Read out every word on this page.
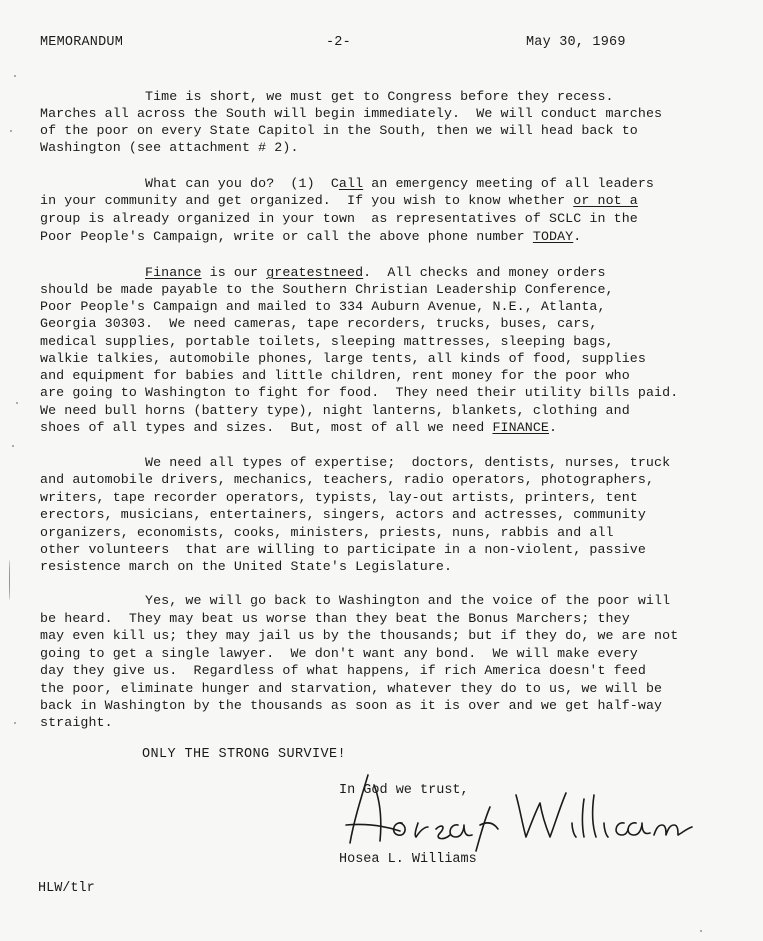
MEMORANDUM	-2-	May 30, 1969
Time is short, we must get to Congress before they recess.
Marches all across the South will begin immediately.  We will conduct marches
of the poor on every State Capitol in the South, then we will head back to
Washington (see attachment # 2).
What can you do?  (1)  Call an emergency meeting of all leaders
in your community and get organized.  If you wish to know whether or not a
group is already organized in your town  as representatives of SCLC in the
Poor People's Campaign, write or call the above phone number TODAY.
Finance is our greatestneed.  All checks and money orders
should be made payable to the Southern Christian Leadership Conference,
Poor People's Campaign and mailed to 334 Auburn Avenue, N.E., Atlanta,
Georgia 30303.  We need cameras, tape recorders, trucks, buses, cars,
medical supplies, portable toilets, sleeping mattresses, sleeping bags,
walkie talkies, automobile phones, large tents, all kinds of food, supplies
and equipment for babies and little children, rent money for the poor who
are going to Washington to fight for food.  They need their utility bills paid.
We need bull horns (battery type), night lanterns, blankets, clothing and
shoes of all types and sizes.  But, most of all we need FINANCE.
We need all types of expertise;  doctors, dentists, nurses, truck
and automobile drivers, mechanics, teachers, radio operators, photographers,
writers, tape recorder operators, typists, lay-out artists, printers, tent
erectors, musicians, entertainers, singers, actors and actresses, community
organizers, economists, cooks, ministers, priests, nuns, rabbis and all
other volunteers  that are willing to participate in a non-violent, passive
resistence march on the United State's Legislature.
Yes, we will go back to Washington and the voice of the poor will
be heard.  They may beat us worse than they beat the Bonus Marchers; they
may even kill us; they may jail us by the thousands; but if they do, we are not
going to get a single lawyer.  We don't want any bond.  We will make every
day they give us.  Regardless of what happens, if rich America doesn't feed
the poor, eliminate hunger and starvation, whatever they do to us, we will be
back in Washington by the thousands as soon as it is over and we get half-way
straight.
ONLY THE STRONG SURVIVE!
In God we trust,
Hosea L. Williams
HLW/tlr
